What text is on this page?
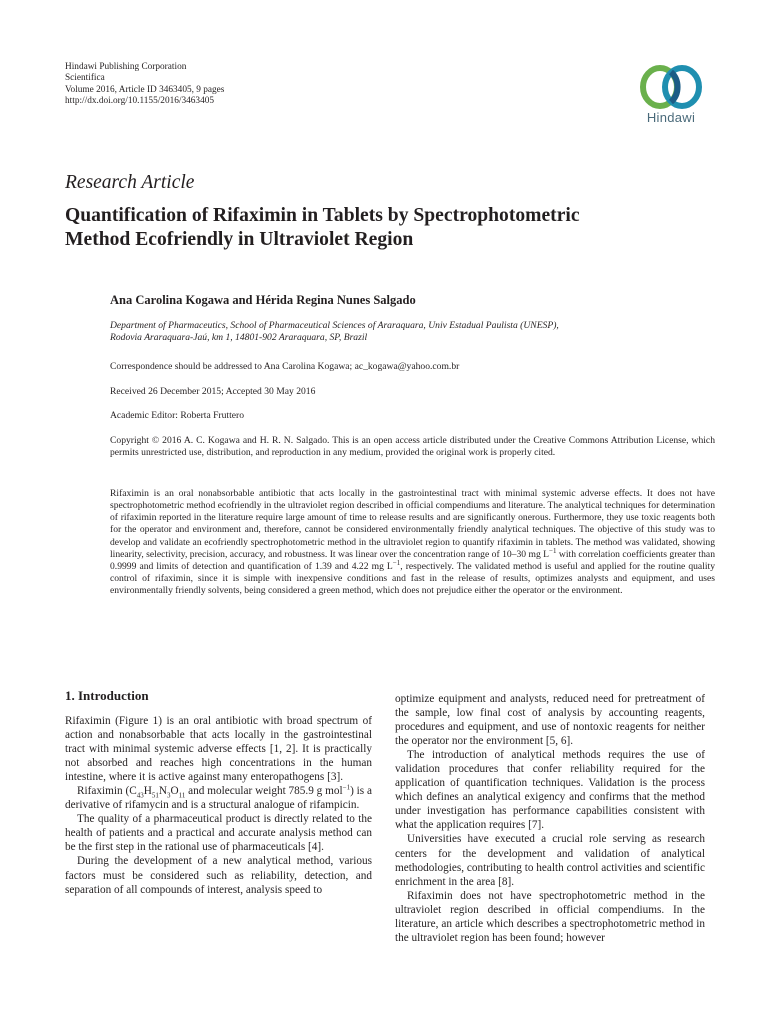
Hindawi Publishing Corporation
Scientifica
Volume 2016, Article ID 3463405, 9 pages
http://dx.doi.org/10.1155/2016/3463405
Hindawi
Research Article
Quantification of Rifaximin in Tablets by Spectrophotometric
Method Ecofriendly in Ultraviolet Region
Ana Carolina Kogawa and Hérida Regina Nunes Salgado
Department of Pharmaceutics, School of Pharmaceutical Sciences of Araraquara, Univ Estadual Paulista (UNESP),
Rodovia Araraquara-Jaú, km 1, 14801-902 Araraquara, SP, Brazil
Correspondence should be addressed to Ana Carolina Kogawa; ac_kogawa@yahoo.com.br
Received 26 December 2015; Accepted 30 May 2016
Academic Editor: Roberta Fruttero
Copyright © 2016 A. C. Kogawa and H. R. N. Salgado. This is an open access article distributed under the Creative Commons Attribution License, which permits unrestricted use, distribution, and reproduction in any medium, provided the original work is properly cited.
Rifaximin is an oral nonabsorbable antibiotic that acts locally in the gastrointestinal tract with minimal systemic adverse effects. It does not have spectrophotometric method ecofriendly in the ultraviolet region described in official compendiums and literature. The analytical techniques for determination of rifaximin reported in the literature require large amount of time to release results and are significantly onerous. Furthermore, they use toxic reagents both for the operator and environment and, therefore, cannot be considered environmentally friendly analytical techniques. The objective of this study was to develop and validate an ecofriendly spectrophotometric method in the ultraviolet region to quantify rifaximin in tablets. The method was validated, showing linearity, selectivity, precision, accuracy, and robustness. It was linear over the concentration range of 10–30 mg $L^{-1}$ with correlation coefficients greater than 0.9999 and limits of detection and quantification of 1.39 and 4.22 mg $L^{-1}$, respectively. The validated method is useful and applied for the routine quality control of rifaximin, since it is simple with inexpensive conditions and fast in the release of results, optimizes analysts and equipment, and uses environmentally friendly solvents, being considered a green method, which does not prejudice either the operator or the environment.
1. Introduction

Rifaximin (Figure 1) is an oral antibiotic with broad spectrum of action and nonabsorbable that acts locally in the gastrointestinal tract with minimal systemic adverse effects [1, 2]. It is practically not absorbed and reaches high concentrations in the human intestine, where it is active against many enteropathogens [3].

Rifaximin ($C_{43}H_{51}N_3O_{11}$ and molecular weight 785.9 g mol$^{-1}$) is a derivative of rifamycin and is a structural analogue of rifampicin.

The quality of a pharmaceutical product is directly related to the health of patients and a practical and accurate analysis method can be the first step in the rational use of pharmaceuticals [4].

During the development of a new analytical method, various factors must be considered such as reliability, detection, and separation of all compounds of interest, analysis speed to

optimize equipment and analysts, reduced need for pretreatment of the sample, low final cost of analysis by accounting reagents, procedures and equipment, and use of nontoxic reagents for neither the operator nor the environment [5, 6].

The introduction of analytical methods requires the use of validation procedures that confer reliability required for the application of quantification techniques. Validation is the process which defines an analytical exigency and confirms that the method under investigation has performance capabilities consistent with what the application requires [7].

Universities have executed a crucial role serving as research centers for the development and validation of analytical methodologies, contributing to health control activities and scientific enrichment in the area [8].

Rifaximin does not have spectrophotometric method in the ultraviolet region described in official compendiums. In the literature, an article which describes a spectrophotometric method in the ultraviolet region has been found; however
